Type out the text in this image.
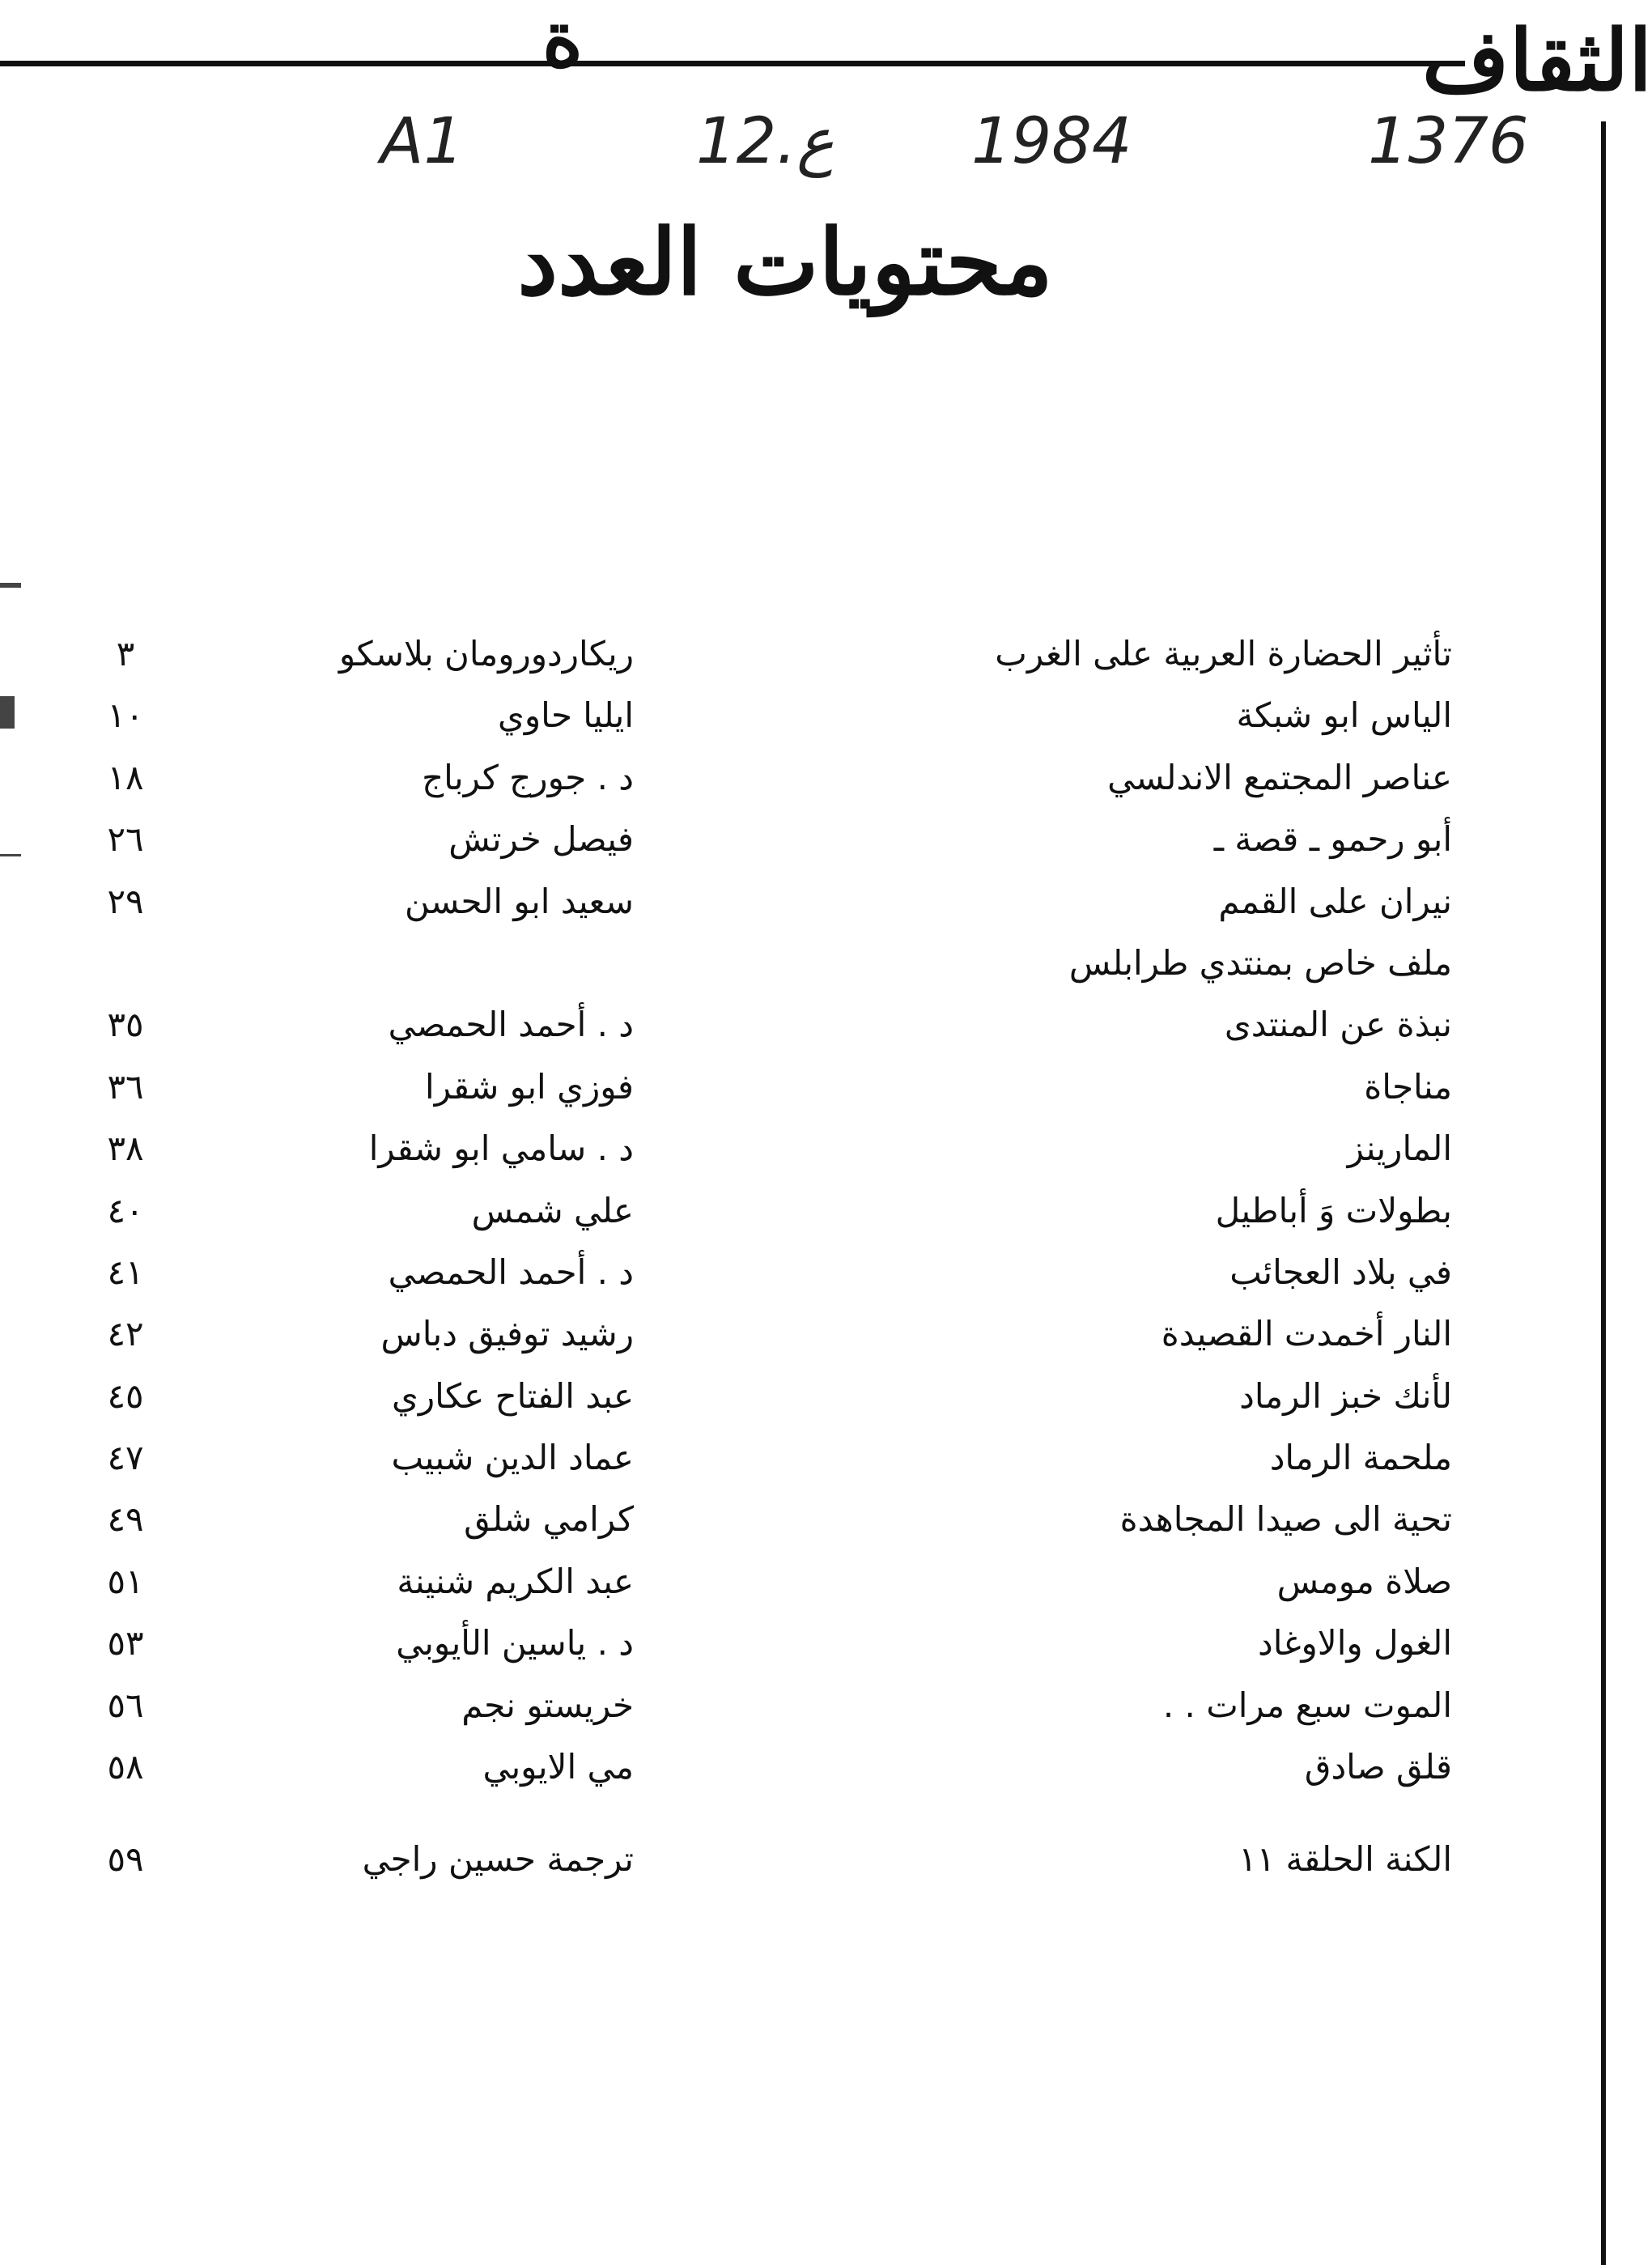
الثقاف
ة
A1	12.ع 1984	1376
محتويات العدد
تأثير الحضارة العربية على الغرب
ريكاردورومان بلاسكو
٣
الياس ابو شبكة
ايليا حاوي
١٠
عناصر المجتمع الاندلسي
د . جورج كرباج
١٨
أبو رحمو ـ قصة ـ
فيصل خرتش
٢٦
نيران على القمم
سعيد ابو الحسن
٢٩
ملف خاص بمنتدي طرابلس
نبذة عن المنتدى
د . أحمد الحمصي
٣٥
مناجاة
فوزي ابو شقرا
٣٦
المارينز
د . سامي ابو شقرا
٣٨
بطولات وَ أباطيل
علي شمس
٤٠
في بلاد العجائب
د . أحمد الحمصي
٤١
النار أخمدت القصيدة
رشيد توفيق دباس
٤٢
لأنك خبز الرماد
عبد الفتاح عكاري
٤٥
ملحمة الرماد
عماد الدين شبيب
٤٧
تحية الى صيدا المجاهدة
كرامي شلق
٤٩
صلاة مومس
عبد الكريم شنينة
٥١
الغول والاوغاد
د . ياسين الأيوبي
٥٣
الموت سبع مرات . .
خريستو نجم
٥٦
قلق صادق
مي الايوبي
٥٨
الكنة الحلقة ١١
ترجمة حسين راجي
٥٩
